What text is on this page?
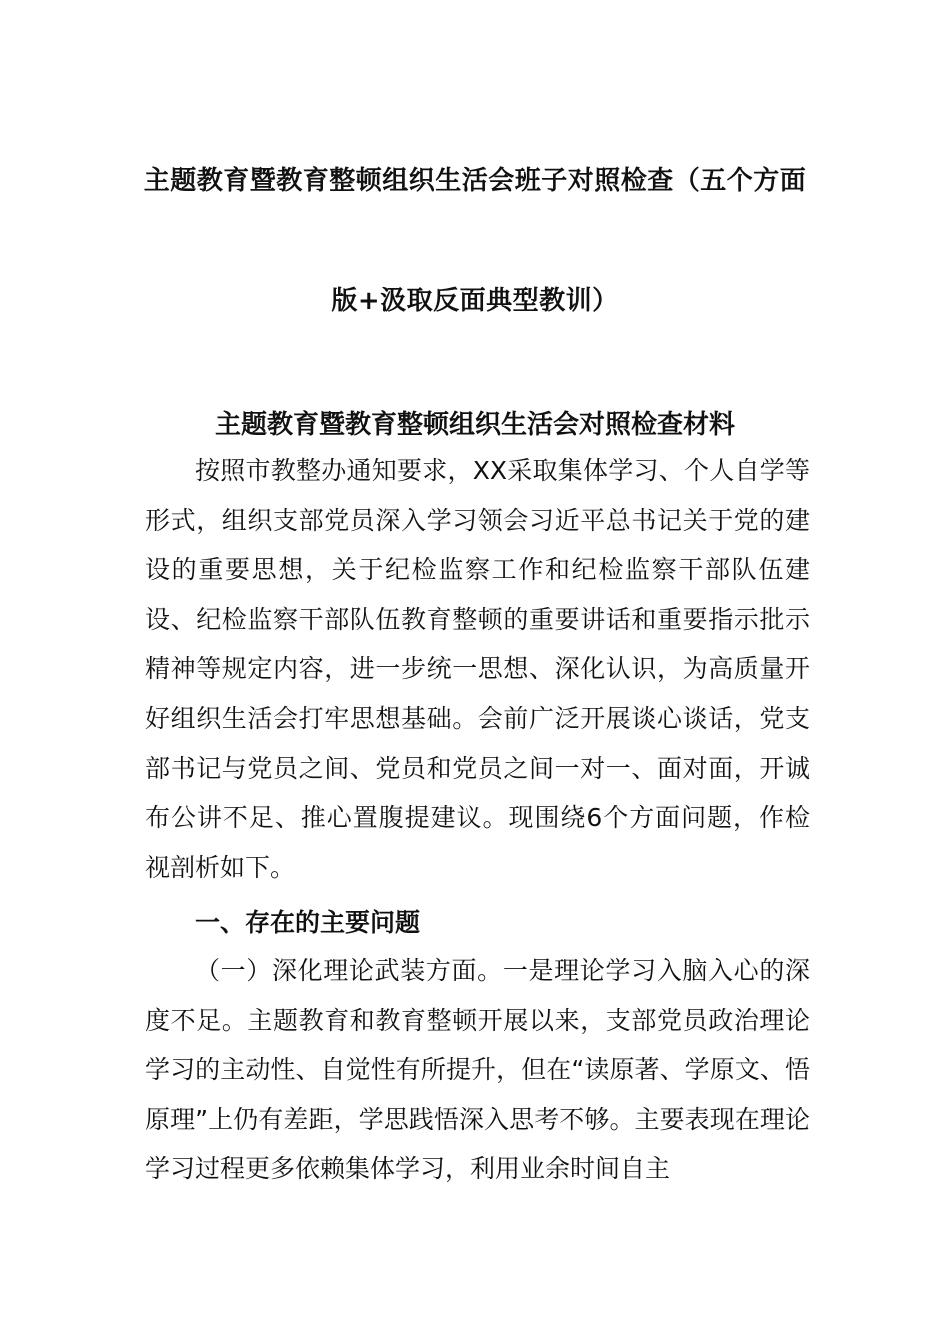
主题教育暨教育整顿组织生活会班子对照检查（五个方面
版+汲取反面典型教训）
主题教育暨教育整顿组织生活会对照检查材料

按照市教整办通知要求，XX采取集体学习、个人自学等形式，组织支部党员深入学习领会习近平总书记关于党的建设的重要思想，关于纪检监察工作和纪检监察干部队伍建设、纪检监察干部队伍教育整顿的重要讲话和重要指示批示精神等规定内容，进一步统一思想、深化认识，为高质量开好组织生活会打牢思想基础。会前广泛开展谈心谈话，党支部书记与党员之间、党员和党员之间一对一、面对面，开诚布公讲不足、推心置腹提建议。现围绕6个方面问题，作检视剖析如下。

一、存在的主要问题

（一）深化理论武装方面。一是理论学习入脑入心的深度不足。主题教育和教育整顿开展以来，支部党员政治理论学习的主动性、自觉性有所提升，但在“读原著、学原文、悟原理”上仍有差距，学思践悟深入思考不够。主要表现在理论学习过程更多依赖集体学习，利用业余时间自主
